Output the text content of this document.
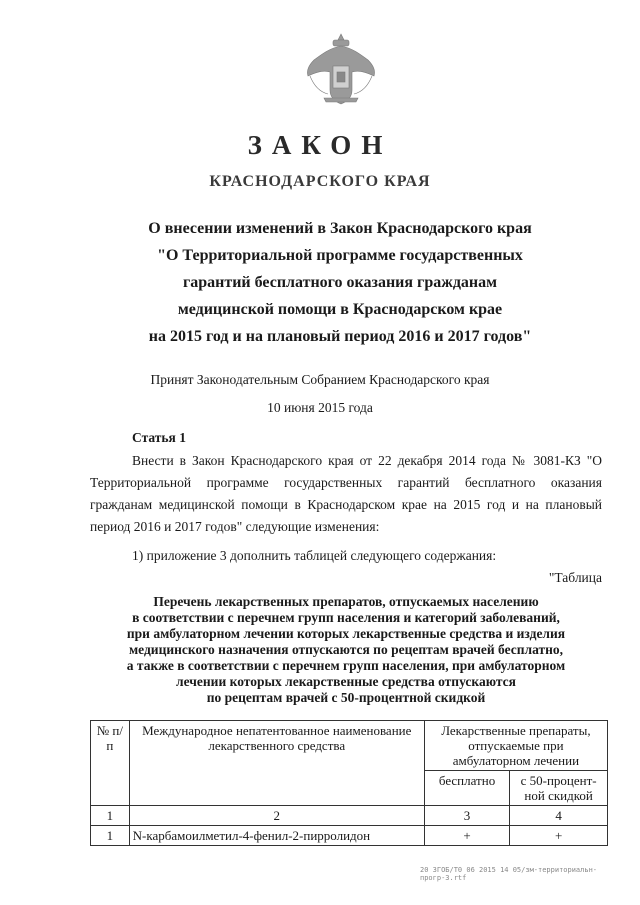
ЗАКОН
КРАСНОДАРСКОГО КРАЯ
О внесении изменений в Закон Краснодарского края
"О Территориальной программе государственных
гарантий бесплатного оказания гражданам
медицинской помощи в Краснодарском крае
на 2015 год и на плановый период 2016 и 2017 годов"
Принят Законодательным Собранием Краснодарского края
10 июня 2015 года
Статья 1
Внести в Закон Краснодарского края от 22 декабря 2014 года № 3081-КЗ "О Территориальной программе государственных гарантий бесплатного оказания гражданам медицинской помощи в Краснодарском крае на 2015 год и на плановый период 2016 и 2017 годов" следующие изменения:
1) приложение 3 дополнить таблицей следующего содержания:
"Таблица
Перечень лекарственных препаратов, отпускаемых населению
в соответствии с перечнем групп населения и категорий заболеваний,
при амбулаторном лечении которых лекарственные средства и изделия
медицинского назначения отпускаются по рецептам врачей бесплатно,
а также в соответствии с перечнем групп населения, при амбулаторном
лечении которых лекарственные средства отпускаются
по рецептам врачей с 50-процентной скидкой
№ п/п	Международное непатентованное наименование лекарственного средства	Лекарственные препараты, отпускаемые при амбулаторном лечении	
		бесплатно	с 50-процент-ной скидкой
1	2	3	4
1	N-карбамоилметил-4-фенил-2-пирролидон	+	+
20 ЗГОБ/Т0 06 2015 14 05/зм-территориальн-прогр-3.rtf
